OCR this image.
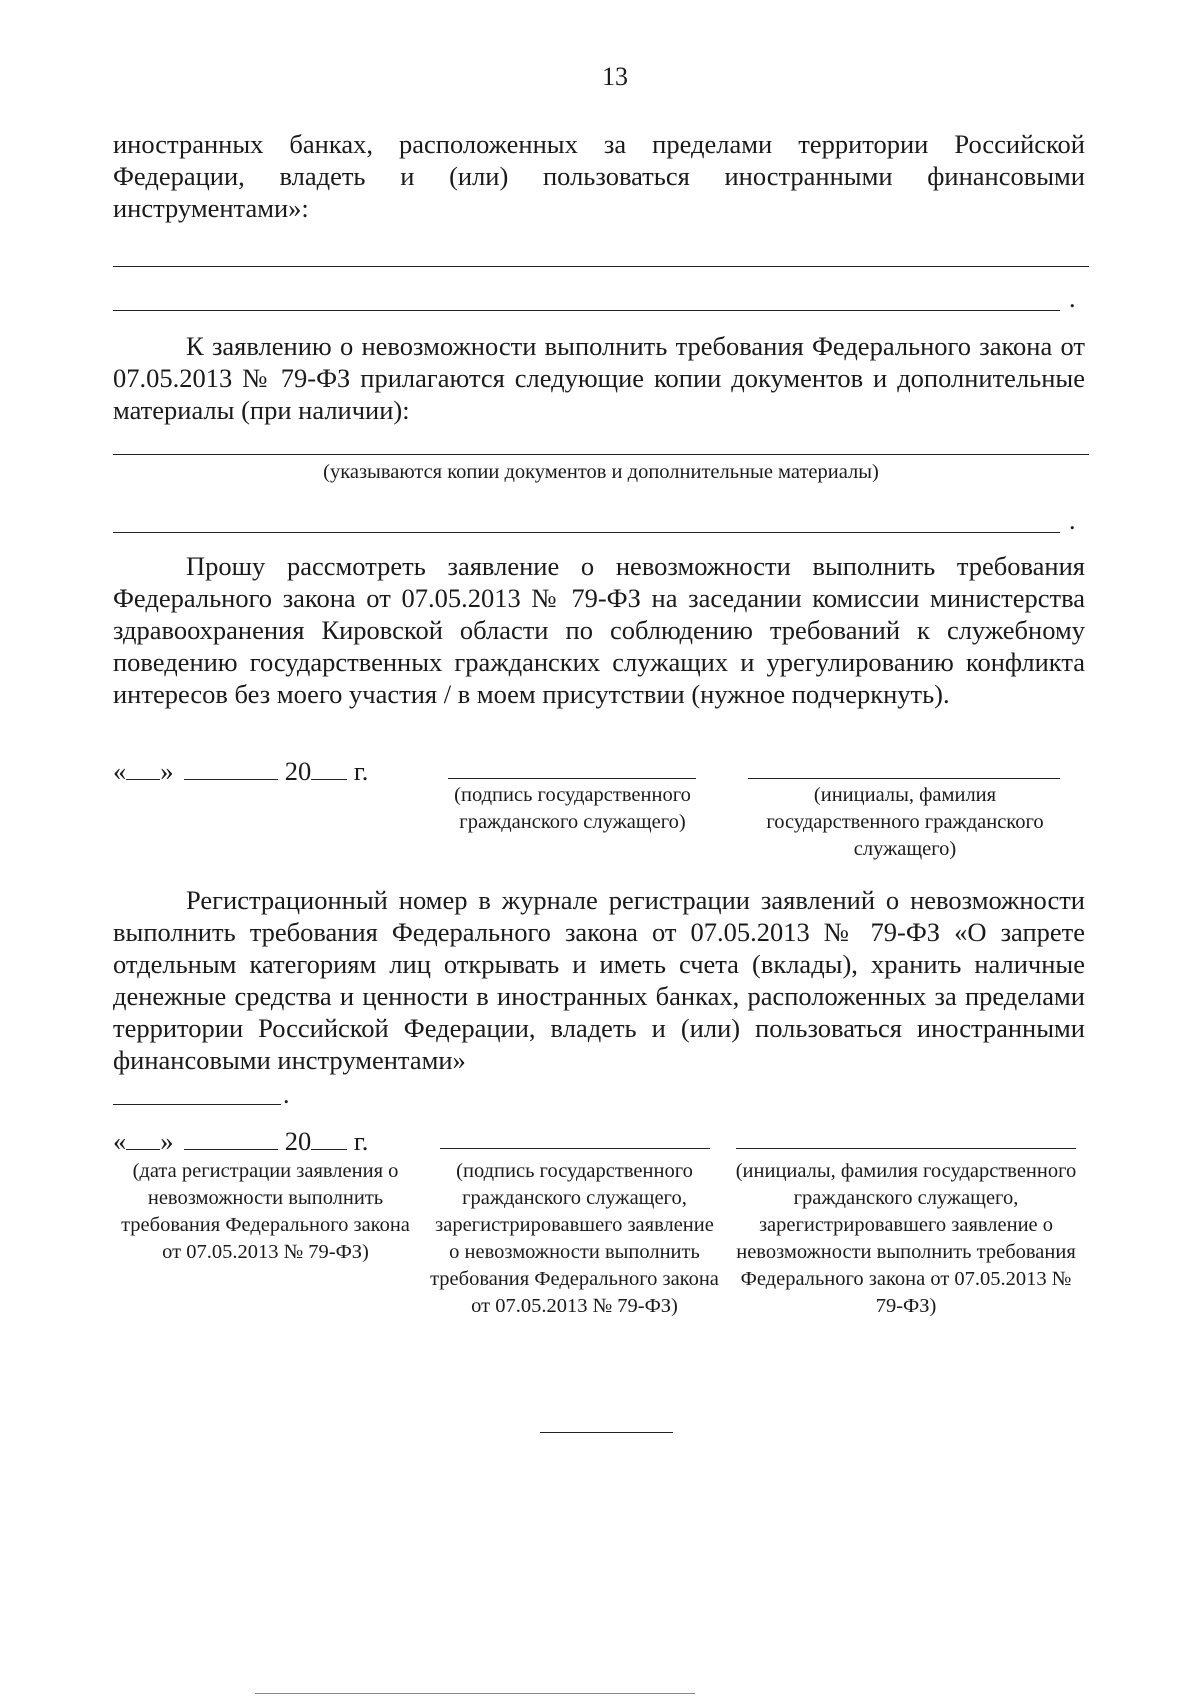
13
иностранных банках, расположенных за пределами территории Российской Федерации, владеть и (или) пользоваться иностранными финансовыми инструментами»:
.
К заявлению о невозможности выполнить требования Федерального закона от 07.05.2013 № 79-ФЗ прилагаются следующие копии документов и дополнительные материалы (при наличии):
(указываются копии документов и дополнительные материалы)
.
Прошу рассмотреть заявление о невозможности выполнить требования Федерального закона от 07.05.2013 № 79-ФЗ на заседании комиссии министерства здравоохранения Кировской области по соблюдению требований к служебному поведению государственных гражданских служащих и урегулированию конфликта интересов без моего участия / в моем присутствии (нужное подчеркнуть).
« »	20 г.
(подпись государственного гражданского служащего)
(инициалы, фамилия государственного гражданского служащего)
Регистрационный номер в журнале регистрации заявлений о невозможности выполнить требования Федерального закона от 07.05.2013 № 79-ФЗ «О запрете отдельным категориям лиц открывать и иметь счета (вклады), хранить наличные денежные средства и ценности в иностранных банках, расположенных за пределами территории Российской Федерации, владеть и (или) пользоваться иностранными финансовыми инструментами»
.
« »	20 г.
(дата регистрации заявления о невозможности выполнить требования Федерального закона от 07.05.2013 № 79-ФЗ)
(подпись государственного гражданского служащего, зарегистрировавшего заявление о невозможности выполнить требования Федерального закона от 07.05.2013 № 79-ФЗ)
(инициалы, фамилия государственного гражданского служащего, зарегистрировавшего заявление о невозможности выполнить требования Федерального закона от 07.05.2013 № 79-ФЗ)
